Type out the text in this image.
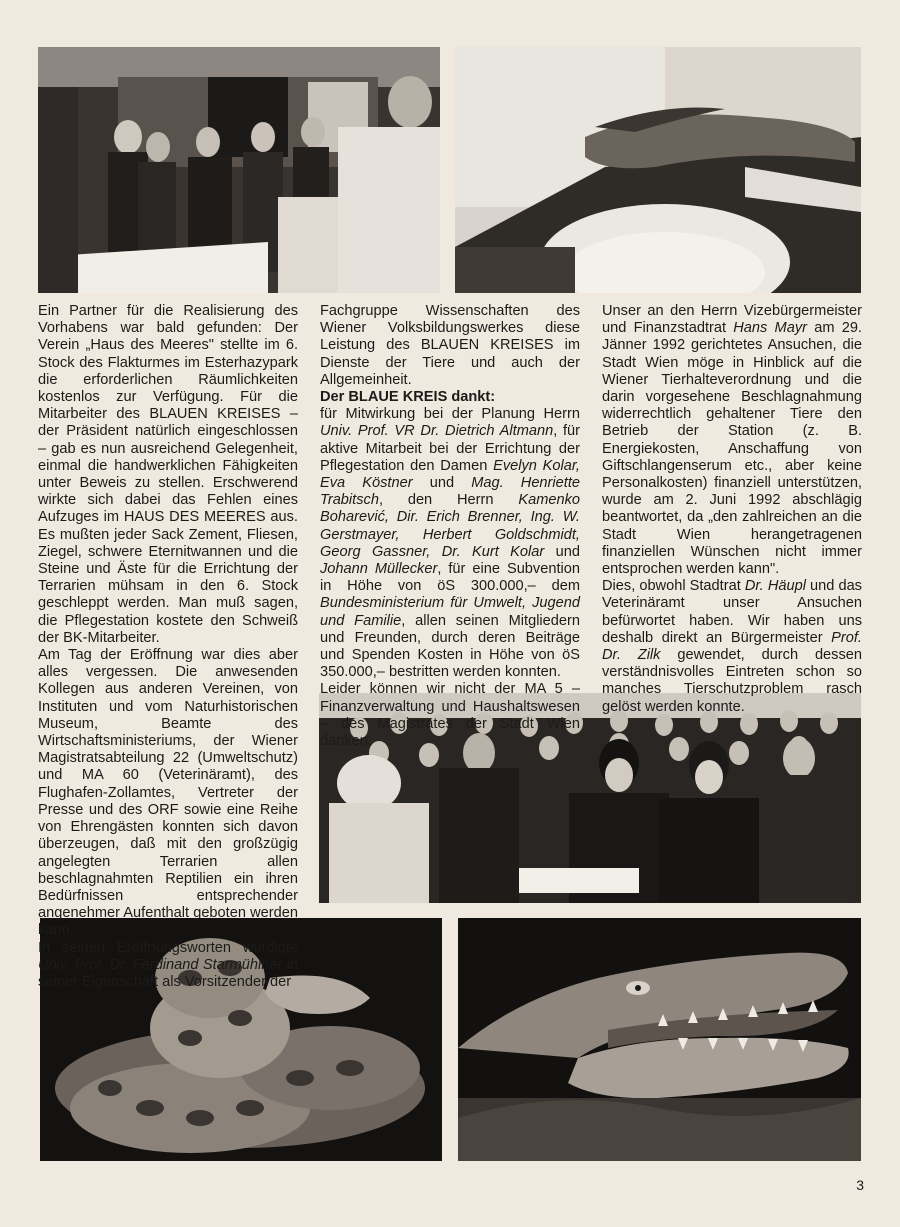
Ein Partner für die Realisierung des Vorhabens war bald gefunden: Der Verein „Haus des Meeres" stellte im 6. Stock des Flakturmes im Esterhazypark die erforderlichen Räumlichkeiten kostenlos zur Verfügung. Für die Mitarbeiter des BLAUEN KREISES – der Präsident natürlich eingeschlossen – gab es nun ausreichend Gelegenheit, einmal die handwerklichen Fähigkeiten unter Beweis zu stellen. Erschwerend wirkte sich dabei das Fehlen eines Aufzuges im HAUS DES MEERES aus. Es mußten jeder Sack Zement, Fliesen, Ziegel, schwere Eternitwannen und die Steine und Äste für die Errichtung der Terrarien mühsam in den 6. Stock geschleppt werden. Man muß sagen, die Pflegestation kostete den Schweiß der BK-Mitarbeiter.

Am Tag der Eröffnung war dies aber alles vergessen. Die anwesenden Kollegen aus anderen Vereinen, von Instituten und vom Naturhistorischen Museum, Beamte des Wirtschaftsministeriums, der Wiener Magistratsabteilung 22 (Umweltschutz) und MA 60 (Veterinäramt), des Flughafen-Zollamtes, Vertreter der Presse und des ORF sowie eine Reihe von Ehrengästen konnten sich davon überzeugen, daß mit den großzügig angelegten Terrarien allen beschlagnahmten Reptilien ein ihren Bedürfnissen entsprechender angenehmer Aufenthalt geboten werden kann.

In seinen Eröffnungsworten würdigte Univ. Prof. Dr. Ferdinand Starmühlner in seiner Eigenschaft als Vorsitzender der

Fachgruppe Wissenschaften des Wiener Volksbildungswerkes diese Leistung des BLAUEN KREISES im Dienste der Tiere und auch der Allgemeinheit.

Der BLAUE KREIS dankt:

für Mitwirkung bei der Planung Herrn Univ. Prof. VR Dr. Dietrich Altmann, für aktive Mitarbeit bei der Errichtung der Pflegestation den Damen Evelyn Kolar, Eva Köstner und Mag. Henriette Trabitsch, den Herrn Kamenko Boharević, Dir. Erich Brenner, Ing. W. Gerstmayer, Herbert Goldschmidt, Georg Gassner, Dr. Kurt Kolar und Johann Müllecker, für eine Subvention in Höhe von öS 300.000,– dem Bundesministerium für Umwelt, Jugend und Familie, allen seinen Mitgliedern und Freunden, durch deren Beiträge und Spenden Kosten in Höhe von öS 350.000,– bestritten werden konnten.

Leider können wir nicht der MA 5 – Finanzverwaltung und Haushaltswesen – des Magistrates der Stadt Wien danken.

Unser an den Herrn Vizebürgermeister und Finanzstadtrat Hans Mayr am 29. Jänner 1992 gerichtetes Ansuchen, die Stadt Wien möge in Hinblick auf die Wiener Tierhalteverordnung und die darin vorgesehene Beschlagnahmung widerrechtlich gehaltener Tiere den Betrieb der Station (z. B. Energiekosten, Anschaffung von Giftschlangenserum etc., aber keine Personalkosten) finanziell unterstützen, wurde am 2. Juni 1992 abschlägig beantwortet, da „den zahlreichen an die Stadt Wien herangetragenen finanziellen Wünschen nicht immer entsprochen werden kann".

Dies, obwohl Stadtrat Dr. Häupl und das Veterinäramt unser Ansuchen befürwortet haben. Wir haben uns deshalb direkt an Bürgermeister Prof. Dr. Zilk gewendet, durch dessen verständnisvolles Eintreten schon so manches Tierschutzproblem rasch gelöst werden konnte.

3
